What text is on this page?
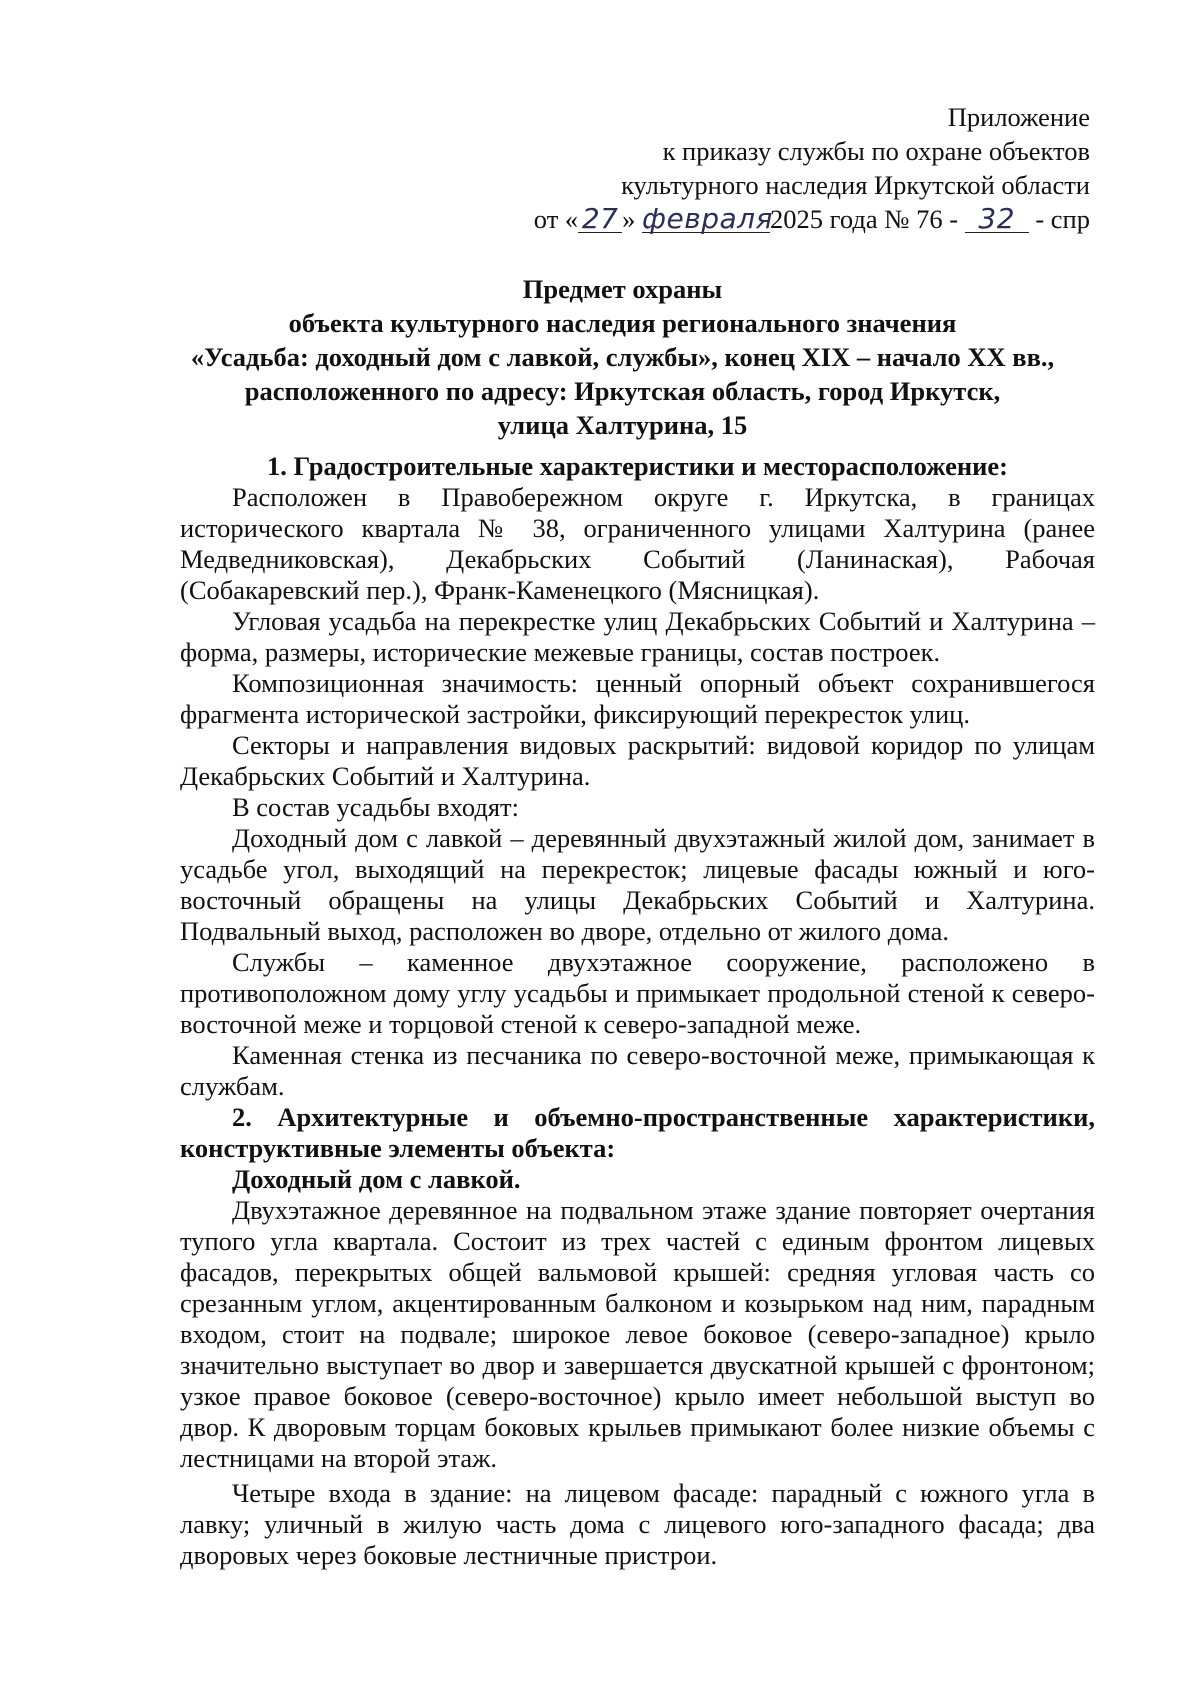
Приложение
к приказу службы по охране объектов
культурного наследия Иркутской области
от « 27 » февраля2025 года № 76 - 32 - спр
Предмет охраны
объекта культурного наследия регионального значения
«Усадьба: доходный дом с лавкой, службы», конец XIX – начало XX вв.,
расположенного по адресу: Иркутская область, город Иркутск,
улица Халтурина, 15

1. Градостроительные характеристики и месторасположение:

Расположен в Правобережном округе г. Иркутска, в границах исторического квартала № 38, ограниченного улицами Халтурина (ранее Медведниковская), Декабрьских Событий (Ланинаская), Рабочая (Собакаревский пер.), Франк-Каменецкого (Мясницкая).

Угловая усадьба на перекрестке улиц Декабрьских Событий и Халтурина – форма, размеры, исторические межевые границы, состав построек.

Композиционная значимость: ценный опорный объект сохранившегося фрагмента исторической застройки, фиксирующий перекресток улиц.

Секторы и направления видовых раскрытий: видовой коридор по улицам Декабрьских Событий и Халтурина.

В состав усадьбы входят:

Доходный дом с лавкой – деревянный двухэтажный жилой дом, занимает в усадьбе угол, выходящий на перекресток; лицевые фасады южный и юго-восточный обращены на улицы Декабрьских Событий и Халтурина. Подвальный выход, расположен во дворе, отдельно от жилого дома.

Службы – каменное двухэтажное сооружение, расположено в противоположном дому углу усадьбы и примыкает продольной стеной к северо-восточной меже и торцовой стеной к северо-западной меже.

Каменная стенка из песчаника по северо-восточной меже, примыкающая к службам.

2. Архитектурные и объемно-пространственные характеристики, конструктивные элементы объекта:

Доходный дом с лавкой.

Двухэтажное деревянное на подвальном этаже здание повторяет очертания тупого угла квартала. Состоит из трех частей с единым фронтом лицевых фасадов, перекрытых общей вальмовой крышей: средняя угловая часть со срезанным углом, акцентированным балконом и козырьком над ним, парадным входом, стоит на подвале; широкое левое боковое (северо-западное) крыло значительно выступает во двор и завершается двускатной крышей с фронтоном; узкое правое боковое (северо-восточное) крыло имеет небольшой выступ во двор. К дворовым торцам боковых крыльев примыкают более низкие объемы с лестницами на второй этаж.

Четыре входа в здание: на лицевом фасаде: парадный с южного угла в лавку; уличный в жилую часть дома с лицевого юго-западного фасада; два дворовых через боковые лестничные пристрои.
